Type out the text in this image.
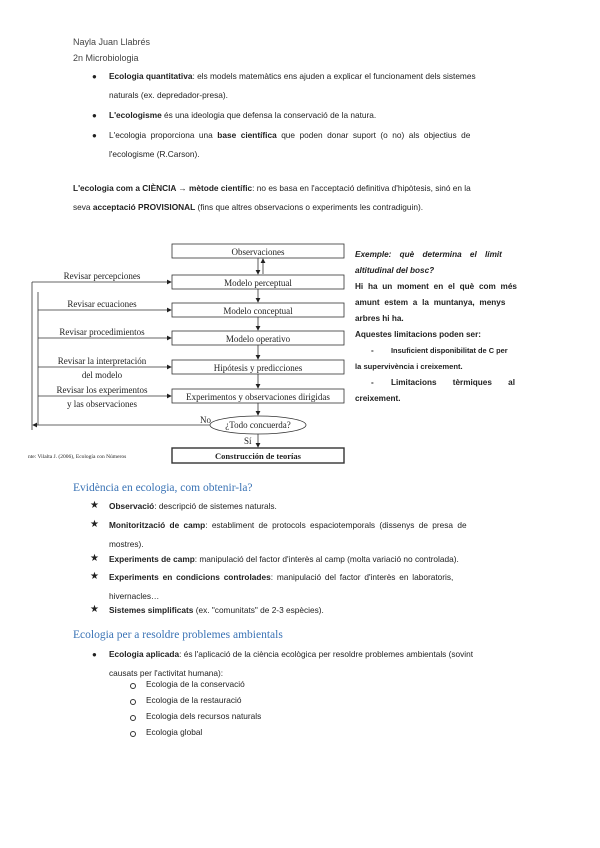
Nayla Juan Llabrés
2n Microbiologia
● Ecologia quantitativa: els models matemàtics ens ajuden a explicar el funcionament dels sistemes
naturals (ex. depredador-presa).
● L'ecologisme és una ideologia que defensa la conservació de la natura.
● L'ecologia proporciona una base científica que poden donar suport (o no) als objectius de
l'ecologisme (R.Carson).
L'ecologia com a CIÈNCIA → mètode científic: no es basa en l'acceptació definitiva d'hipòtesis, sinó en la
seva acceptació PROVISIONAL (fins que altres observacions o experiments les contradiguin).
Observaciones
Modelo perceptual
Modelo conceptual
Modelo operativo
Hipótesis y predicciones
Experimentos y observaciones dirigidas
¿Todo concuerda?
Construcción de teorías
Revisar percepciones
Revisar ecuaciones
Revisar procedimientos
Revisar la interpretación
del modelo
Revisar los experimentos
y las observaciones
No
Sí
nte: Vilalta J. (2006), Ecología con Números
Exemple: què determina el límit
altitudinal del bosc?
Hi ha un moment en el què com més
amunt estem a la muntanya, menys
arbres hi ha.
Aquestes limitacions poden ser:
- Insuficient disponibilitat de C per
la supervivència i creixement.
- Limitacions tèrmiques al
creixement.
Evidència en ecologia, com obtenir-la?
★ Observació: descripció de sistemes naturals.
★ Monitorització de camp: establiment de protocols espaciotemporals (dissenys de presa de
mostres).
★ Experiments de camp: manipulació del factor d'interès al camp (molta variació no controlada).
★ Experiments en condicions controlades: manipulació del factor d'interès en laboratoris,
hivernacles…
★ Sistemes simplificats (ex. "comunitats" de 2-3 espècies).
Ecologia per a resoldre problemes ambientals
● Ecologia aplicada: és l'aplicació de la ciència ecològica per resoldre problemes ambientals (sovint
causats per l'activitat humana):
Ecologia de la conservació
Ecologia de la restauració
Ecologia dels recursos naturals
Ecologia global
